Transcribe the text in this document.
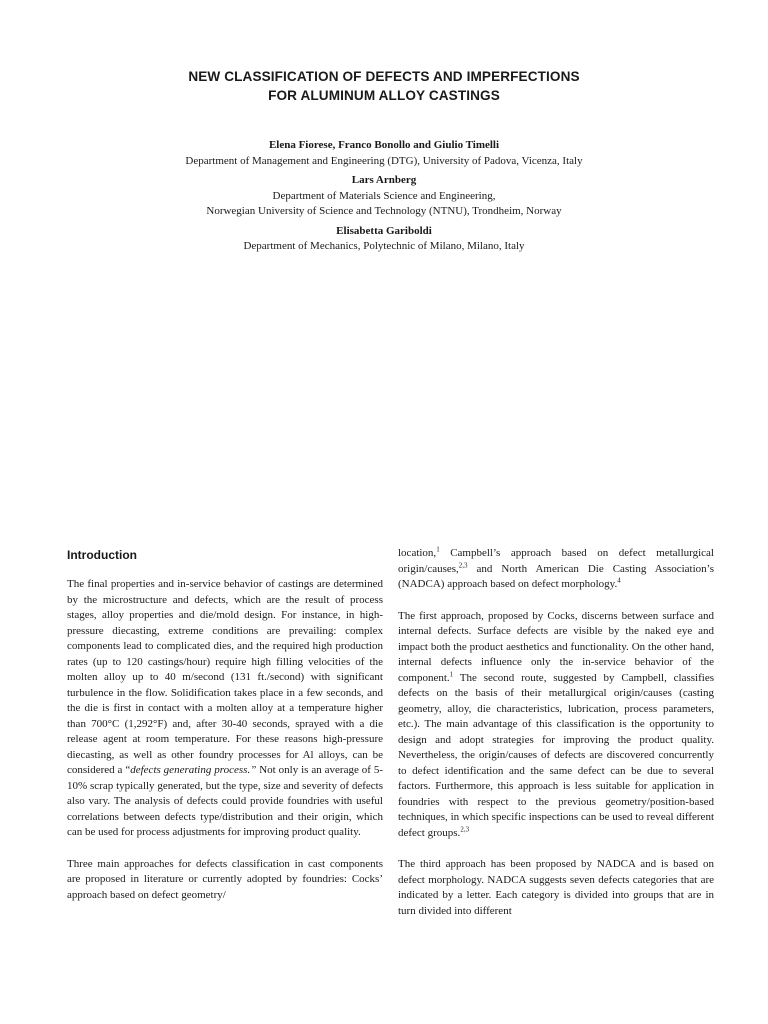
NEW CLASSIFICATION OF DEFECTS AND IMPERFECTIONS
FOR ALUMINUM ALLOY CASTINGS
Elena Fiorese, Franco Bonollo and Giulio Timelli
Department of Management and Engineering (DTG), University of Padova, Vicenza, Italy
Lars Arnberg
Department of Materials Science and Engineering,
Norwegian University of Science and Technology (NTNU), Trondheim, Norway
Elisabetta Gariboldi
Department of Mechanics, Polytechnic of Milano, Milano, Italy
Introduction

The final properties and in-service behavior of castings are determined by the microstructure and defects, which are the result of process stages, alloy properties and die/mold design. For instance, in high-pressure diecasting, extreme conditions are prevailing: complex components lead to complicated dies, and the required high production rates (up to 120 castings/hour) require high filling velocities of the molten alloy up to 40 m/second (131 ft./second) with significant turbulence in the flow. Solidification takes place in a few seconds, and the die is first in contact with a molten alloy at a temperature higher than 700°C (1,292°F) and, after 30-40 seconds, sprayed with a die release agent at room temperature. For these reasons high-pressure diecasting, as well as other foundry processes for Al alloys, can be considered a “defects generating process.” Not only is an average of 5-10% scrap typically generated, but the type, size and severity of defects also vary. The analysis of defects could provide foundries with useful correlations between defects type/distribution and their origin, which can be used for process adjustments for improving product quality.

Three main approaches for defects classification in cast components are proposed in literature or currently adopted by foundries: Cocks’ approach based on defect geometry/

location,$^1$ Campbell’s approach based on defect metallurgical origin/causes,$^{2,3}$ and North American Die Casting Association’s (NADCA) approach based on defect morphology.$^4$

The first approach, proposed by Cocks, discerns between surface and internal defects. Surface defects are visible by the naked eye and impact both the product aesthetics and functionality. On the other hand, internal defects influence only the in-service behavior of the component.$^1$ The second route, suggested by Campbell, classifies defects on the basis of their metallurgical origin/causes (casting geometry, alloy, die characteristics, lubrication, process parameters, etc.). The main advantage of this classification is the opportunity to design and adopt strategies for improving the product quality. Nevertheless, the origin/causes of defects are discovered concurrently to defect identification and the same defect can be due to several factors. Furthermore, this approach is less suitable for application in foundries with respect to the previous geometry/position-based techniques, in which specific inspections can be used to reveal different defect groups.$^{2,3}$

The third approach has been proposed by NADCA and is based on defect morphology. NADCA suggests seven defects categories that are indicated by a letter. Each category is divided into groups that are in turn divided into different
